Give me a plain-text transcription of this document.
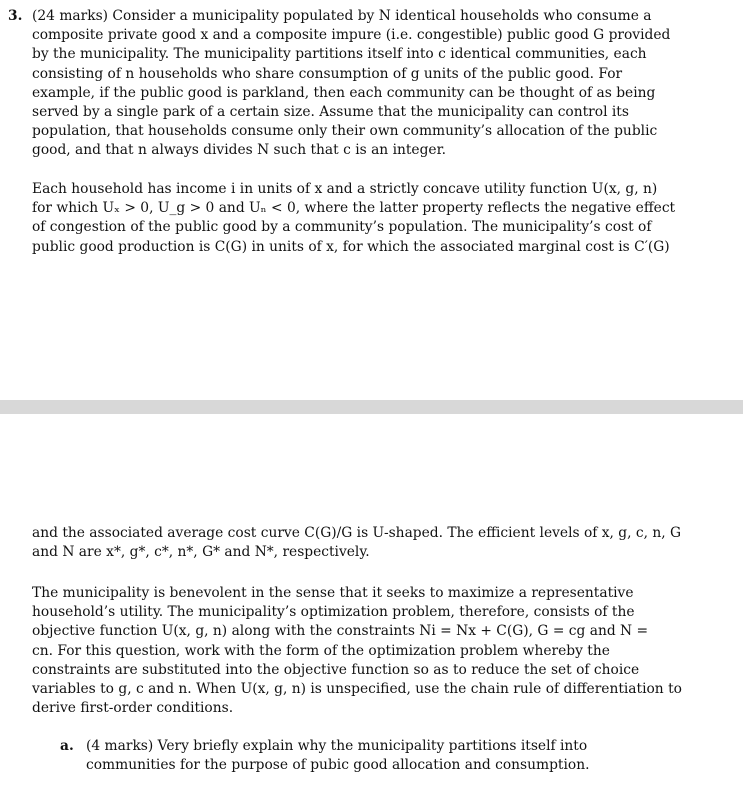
3. (24 marks) Consider a municipality populated by N identical households who consume a
composite private good x and a composite impure (i.e. congestible) public good G provided
by the municipality. The municipality partitions itself into c identical communities, each
consisting of n households who share consumption of g units of the public good. For
example, if the public good is parkland, then each community can be thought of as being
served by a single park of a certain size. Assume that the municipality can control its
population, that households consume only their own community’s allocation of the public
good, and that n always divides N such that c is an integer.
Each household has income i in units of x and a strictly concave utility function U(x, g, n)
for which Uₓ > 0, U_g > 0 and Uₙ < 0, where the latter property reflects the negative effect
of congestion of the public good by a community’s population. The municipality’s cost of
public good production is C(G) in units of x, for which the associated marginal cost is C′(G)
and the associated average cost curve C(G)/G is U-shaped. The efficient levels of x, g, c, n, G
and N are x*, g*, c*, n*, G* and N*, respectively.
The municipality is benevolent in the sense that it seeks to maximize a representative
household’s utility. The municipality’s optimization problem, therefore, consists of the
objective function U(x, g, n) along with the constraints Ni = Nx + C(G), G = cg and N =
cn. For this question, work with the form of the optimization problem whereby the
constraints are substituted into the objective function so as to reduce the set of choice
variables to g, c and n. When U(x, g, n) is unspecified, use the chain rule of differentiation to
derive first-order conditions.
a. (4 marks) Very briefly explain why the municipality partitions itself into
communities for the purpose of pubic good allocation and consumption.
